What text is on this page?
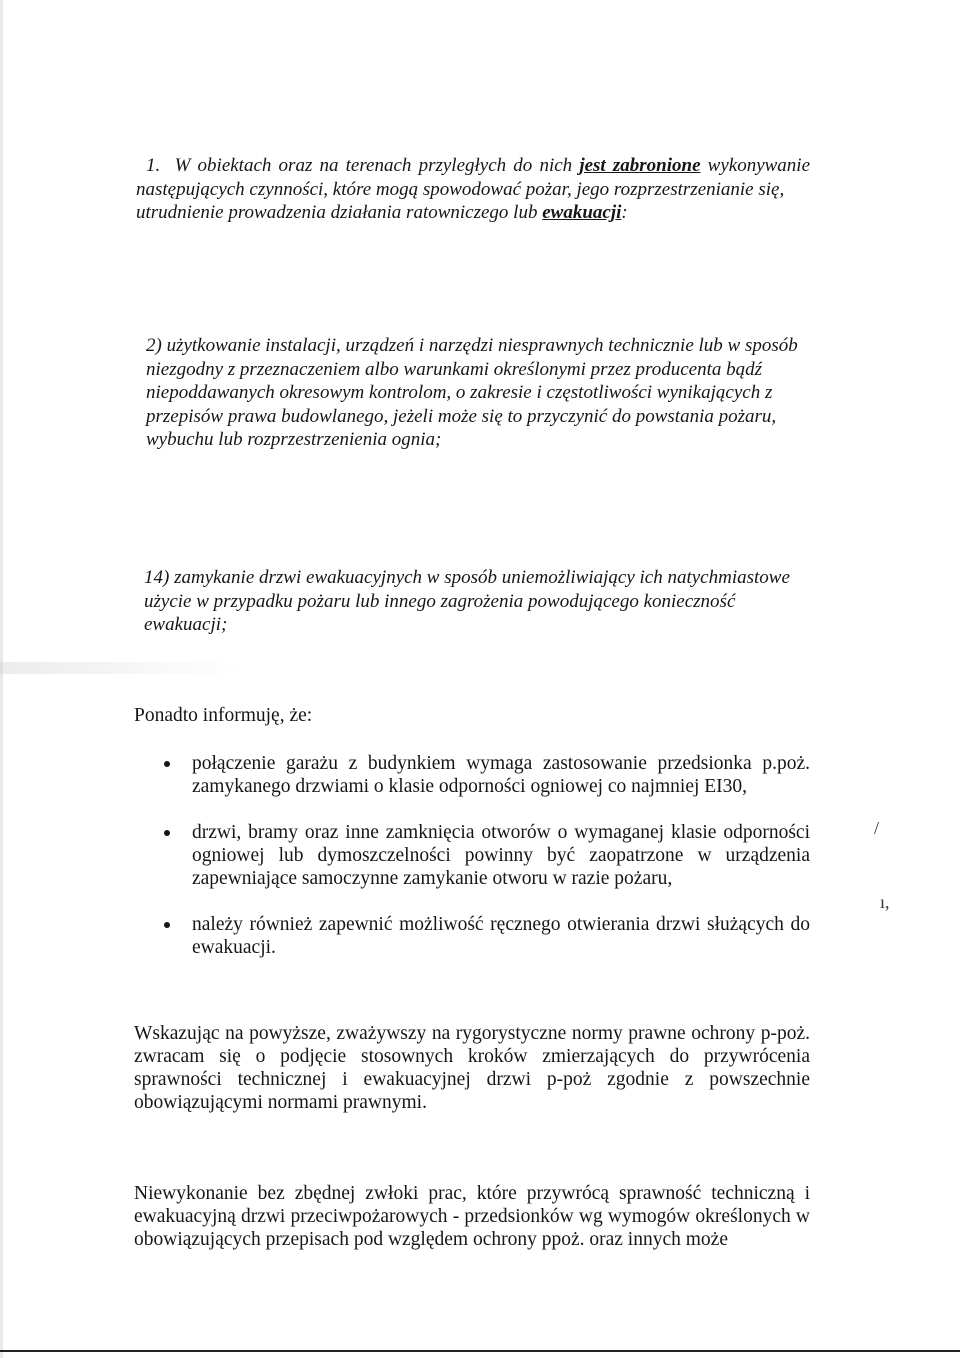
1. W obiektach oraz na terenach przyległych do nich jest zabronione wykonywanie
następujących czynności, które mogą spowodować pożar, jego rozprzestrzenianie się,
utrudnienie prowadzenia działania ratowniczego lub ewakuacji:
2) użytkowanie instalacji, urządzeń i narzędzi niesprawnych technicznie lub w sposób
niezgodny z przeznaczeniem albo warunkami określonymi przez producenta bądź
niepoddawanych okresowym kontrolom, o zakresie i częstotliwości wynikających z
przepisów prawa budowlanego, jeżeli może się to przyczynić do powstania pożaru,
wybuchu lub rozprzestrzenienia ognia;
14) zamykanie drzwi ewakuacyjnych w sposób uniemożliwiający ich natychmiastowe
użycie w przypadku pożaru lub innego zagrożenia powodującego konieczność
ewakuacji;
Ponadto informuję, że:
połączenie garażu z budynkiem wymaga zastosowanie przedsionka p.poż. zamykanego drzwiami o klasie odporności ogniowej co najmniej EI30,
drzwi, bramy oraz inne zamknięcia otworów o wymaganej klasie odporności ogniowej lub dymoszczelności powinny być zaopatrzone w urządzenia zapewniające samoczynne zamykanie otworu w razie pożaru,
należy również zapewnić możliwość ręcznego otwierania drzwi służących do ewakuacji.
Wskazując na powyższe, zważywszy na rygorystyczne normy prawne ochrony p-poż. zwracam się o podjęcie stosownych kroków zmierzających do przywrócenia sprawności technicznej i ewakuacyjnej drzwi p-poż zgodnie z powszechnie obowiązującymi normami prawnymi.
Niewykonanie bez zbędnej zwłoki prac, które przywrócą sprawność techniczną i ewakuacyjną drzwi przeciwpożarowych - przedsionków wg wymogów określonych w obowiązujących przepisach pod względem ochrony ppoż. oraz innych może
/
ı,
